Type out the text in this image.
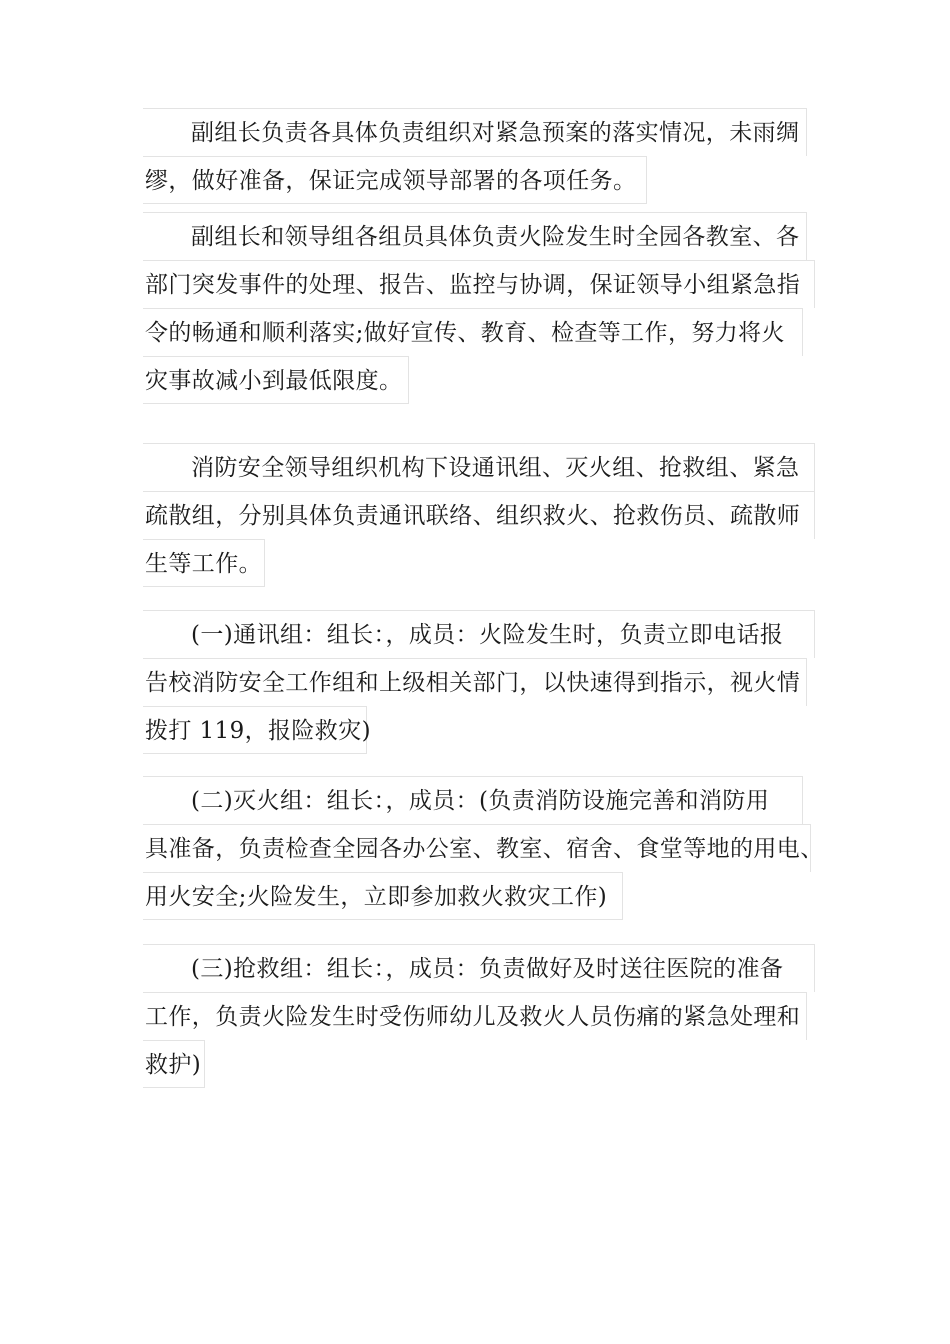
副组长负责各具体负责组织对紧急预案的落实情况，未雨绸
缪，做好准备，保证完成领导部署的各项任务。
副组长和领导组各组员具体负责火险发生时全园各教室、各
部门突发事件的处理、报告、监控与协调，保证领导小组紧急指
令的畅通和顺利落实;做好宣传、教育、检查等工作，努力将火
灾事故减小到最低限度。
消防安全领导组织机构下设通讯组、灭火组、抢救组、紧急
疏散组，分别具体负责通讯联络、组织救火、抢救伤员、疏散师
生等工作。
(一)通讯组：组长：，成员：火险发生时，负责立即电话报
告校消防安全工作组和上级相关部门，以快速得到指示，视火情
拨打 119，报险救灾)
(二)灭火组：组长：，成员：(负责消防设施完善和消防用
具准备，负责检查全园各办公室、教室、宿舍、食堂等地的用电、
用火安全;火险发生，立即参加救火救灾工作)
(三)抢救组：组长：，成员：负责做好及时送往医院的准备
工作，负责火险发生时受伤师幼儿及救火人员伤痛的紧急处理和
救护)
